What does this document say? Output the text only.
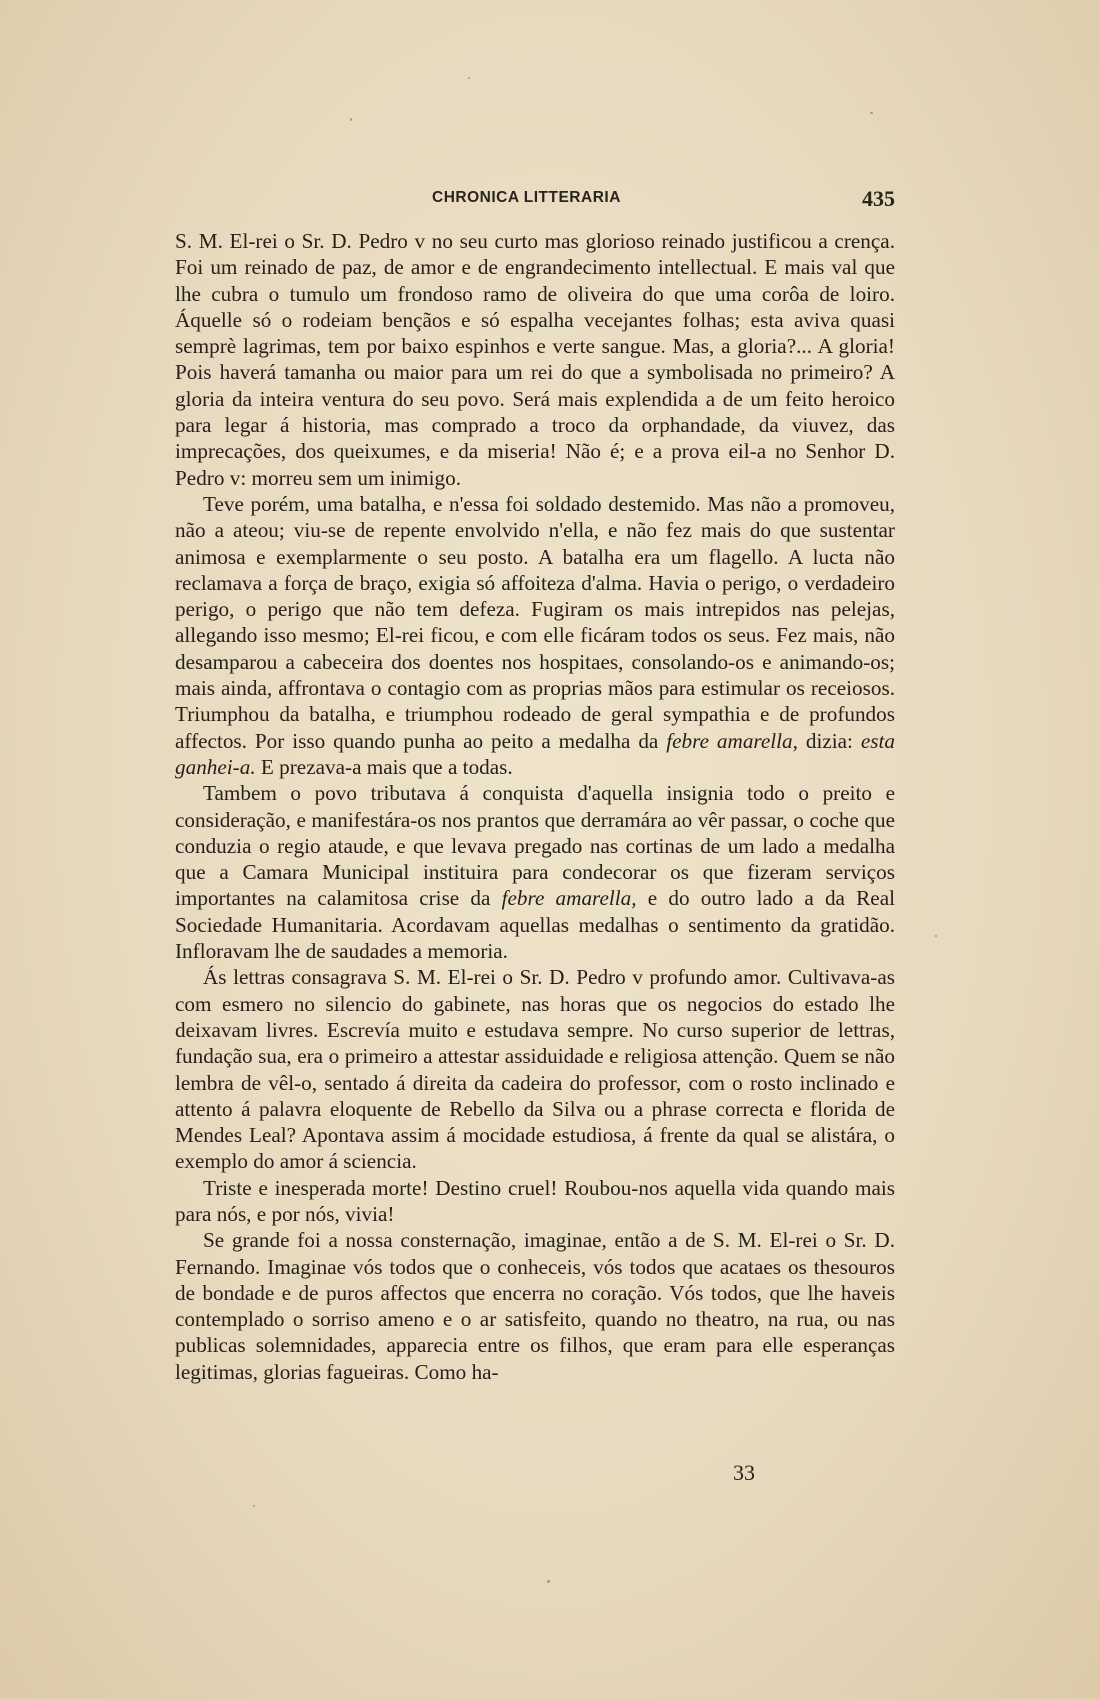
CHRONICA LITTERARIA	435

S. M. El-rei o Sr. D. Pedro v no seu curto mas glorioso reinado justificou a crença. Foi um reinado de paz, de amor e de engrandecimento intellectual. E mais val que lhe cubra o tumulo um frondoso ramo de oliveira do que uma corôa de loiro. Áquelle só o rodeiam bençãos e só espalha vecejantes folhas; esta aviva quasi semprè lagrimas, tem por baixo espinhos e verte sangue. Mas, a gloria?... A gloria! Pois haverá tamanha ou maior para um rei do que a symbolisada no primeiro? A gloria da inteira ventura do seu povo. Será mais explendida a de um feito heroico para legar á historia, mas comprado a troco da orphandade, da viuvez, das imprecações, dos queixumes, e da miseria! Não é; e a prova eil-a no Senhor D. Pedro v: morreu sem um inimigo.

Teve porém, uma batalha, e n'essa foi soldado destemido. Mas não a promoveu, não a ateou; viu-se de repente envolvido n'ella, e não fez mais do que sustentar animosa e exemplarmente o seu posto. A batalha era um flagello. A lucta não reclamava a força de braço, exigia só affoiteza d'alma. Havia o perigo, o verdadeiro perigo, o perigo que não tem defeza. Fugiram os mais intrepidos nas pelejas, allegando isso mesmo; El-rei ficou, e com elle ficáram todos os seus. Fez mais, não desamparou a cabeceira dos doentes nos hospitaes, consolando-os e animando-os; mais ainda, affrontava o contagio com as proprias mãos para estimular os receiosos. Triumphou da batalha, e triumphou rodeado de geral sympathia e de profundos affectos. Por isso quando punha ao peito a medalha da febre amarella, dizia: esta ganhei-a. E prezava-a mais que a todas.

Tambem o povo tributava á conquista d'aquella insignia todo o preito e consideração, e manifestára-os nos prantos que derramára ao vêr passar, o coche que conduzia o regio ataude, e que levava pregado nas cortinas de um lado a medalha que a Camara Municipal instituira para condecorar os que fizeram serviços importantes na calamitosa crise da febre amarella, e do outro lado a da Real Sociedade Humanitaria. Acordavam aquellas medalhas o sentimento da gratidão. Infloravam lhe de saudades a memoria.

Ás lettras consagrava S. M. El-rei o Sr. D. Pedro v profundo amor. Cultivava-as com esmero no silencio do gabinete, nas horas que os negocios do estado lhe deixavam livres. Escrevía muito e estudava sempre. No curso superior de lettras, fundação sua, era o primeiro a attestar assiduidade e religiosa attenção. Quem se não lembra de vêl-o, sentado á direita da cadeira do professor, com o rosto inclinado e attento á palavra eloquente de Rebello da Silva ou a phrase correcta e florida de Mendes Leal? Apontava assim á mocidade estudiosa, á frente da qual se alistára, o exemplo do amor á sciencia.

Triste e inesperada morte! Destino cruel! Roubou-nos aquella vida quando mais para nós, e por nós, vivia!

Se grande foi a nossa consternação, imaginae, então a de S. M. El-rei o Sr. D. Fernando. Imaginae vós todos que o conheceis, vós todos que acataes os thesouros de bondade e de puros affectos que encerra no coração. Vós todos, que lhe haveis contemplado o sorriso ameno e o ar satisfeito, quando no theatro, na rua, ou nas publicas solemnidades, apparecia entre os filhos, que eram para elle esperanças legitimas, glorias fagueiras. Como ha-

33
